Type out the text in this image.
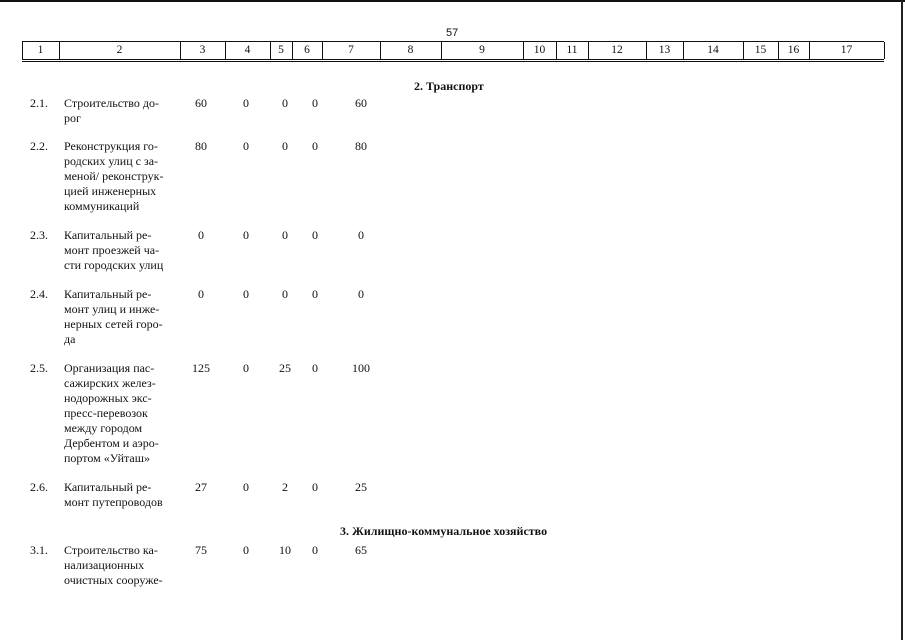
57
1	2	3	4	5	6	7	8	9	10	11	12	13	14	15	16	17
2. Транспорт
3. Жилищно-коммунальное хозяйство
2.1. Строительство до-
рог
60	0	0	0	60
2.2. Реконструкция го-
родских улиц с за-
меной/ реконструк-
цией инженерных
коммуникаций
80	0	0	0	80
2.3. Капитальный ре-
монт проезжей ча-
сти городских улиц
0	0	0	0	0
2.4. Капитальный ре-
монт улиц и инже-
нерных сетей горо-
да
0	0	0	0	0
2.5. Организация пас-
сажирских желез-
нодорожных экс-
пресс-перевозок
между городом
Дербентом и аэро-
портом «Уйташ»
125	0	25	0	100
2.6. Капитальный ре-
монт путепроводов
27	0	2	0	25
3.1. Строительство ка-
нализационных
очистных сооруже-
75	0	10	0	65
